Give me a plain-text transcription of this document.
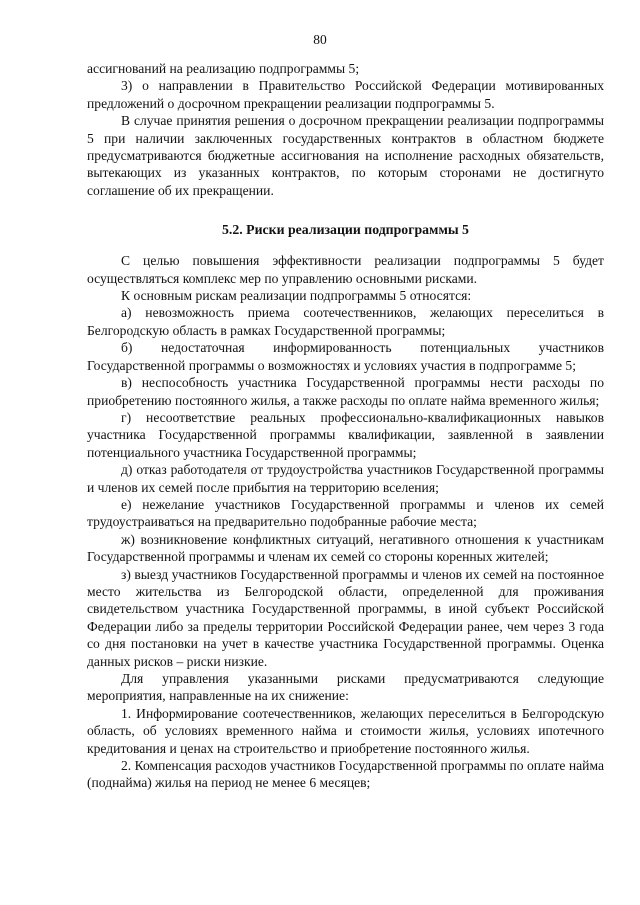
80

ассигнований на реализацию подпрограммы 5;

3) о направлении в Правительство Российской Федерации мотивированных предложений о досрочном прекращении реализации подпрограммы 5.

В случае принятия решения о досрочном прекращении реализации подпрограммы 5 при наличии заключенных государственных контрактов в областном бюджете предусматриваются бюджетные ассигнования на исполнение расходных обязательств, вытекающих из указанных контрактов, по которым сторонами не достигнуто соглашение об их прекращении.

5.2. Риски реализации подпрограммы 5

С целью повышения эффективности реализации подпрограммы 5 будет осуществляться комплекс мер по управлению основными рисками.

К основным рискам реализации подпрограммы 5 относятся:

а) невозможность приема соотечественников, желающих переселиться в Белгородскую область в рамках Государственной программы;

б) недостаточная информированность потенциальных участников Государственной программы о возможностях и условиях участия в подпрограмме 5;

в) неспособность участника Государственной программы нести расходы по приобретению постоянного жилья, а также расходы по оплате найма временного жилья;

г) несоответствие реальных профессионально-квалификационных навыков участника Государственной программы квалификации, заявленной в заявлении потенциального участника Государственной программы;

д) отказ работодателя от трудоустройства участников Государственной программы и членов их семей после прибытия на территорию вселения;

е) нежелание участников Государственной программы и членов их семей трудоустраиваться на предварительно подобранные рабочие места;

ж) возникновение конфликтных ситуаций, негативного отношения к участникам Государственной программы и членам их семей со стороны коренных жителей;

з) выезд участников Государственной программы и членов их семей на постоянное место жительства из Белгородской области, определенной для проживания свидетельством участника Государственной программы, в иной субъект Российской Федерации либо за пределы территории Российской Федерации ранее, чем через 3 года со дня постановки на учет в качестве участника Государственной программы. Оценка данных рисков – риски низкие.

Для управления указанными рисками предусматриваются следующие мероприятия, направленные на их снижение:

1. Информирование соотечественников, желающих переселиться в Белгородскую область, об условиях временного найма и стоимости жилья, условиях ипотечного кредитования и ценах на строительство и приобретение постоянного жилья.

2. Компенсация расходов участников Государственной программы по оплате найма (поднайма) жилья на период не менее 6 месяцев;
